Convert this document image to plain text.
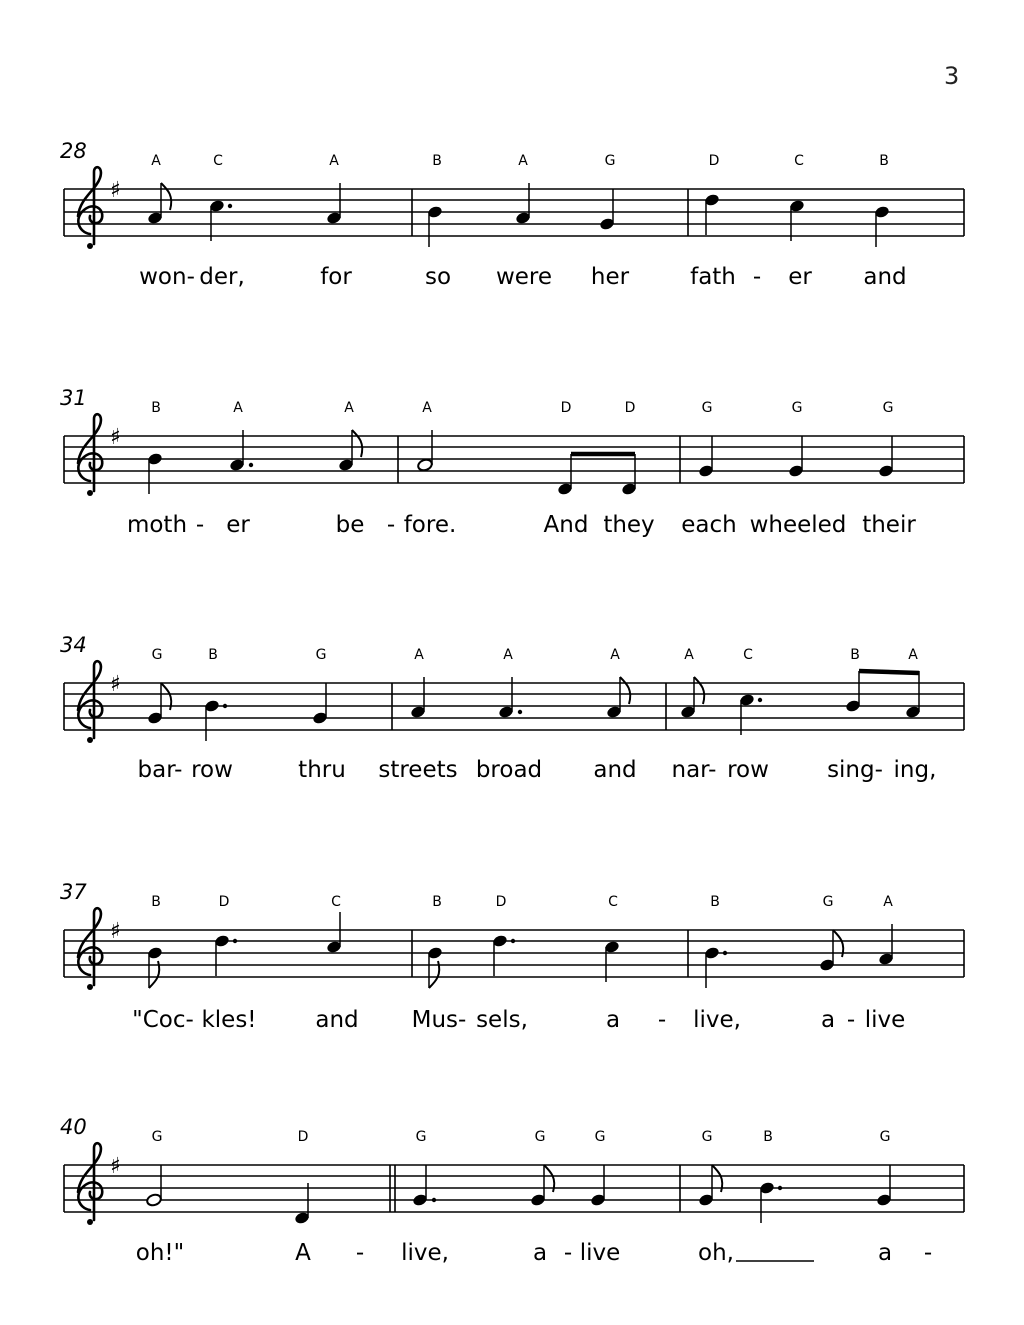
3
28
♯
A	C	A	B	A	G	D	C	B
won- der,	for	so were her	fath - er and
31
♯
B	A	A	A	D	D	G	G	G
moth - er	be - fore.	And they each wheeled their
34
♯
G	B	G	A	A	A	A	C	B	A
bar- row	thru streets broad and nar- row	sing- ing,
37
♯
B	D	C	B	D	C	B	G	A
"Coc- kles!	and Mus- sels,	a - live,	a - live
40
♯
G	D	G	G	G	G	B	G
oh!"	A - live,	a - live	oh,	a -
